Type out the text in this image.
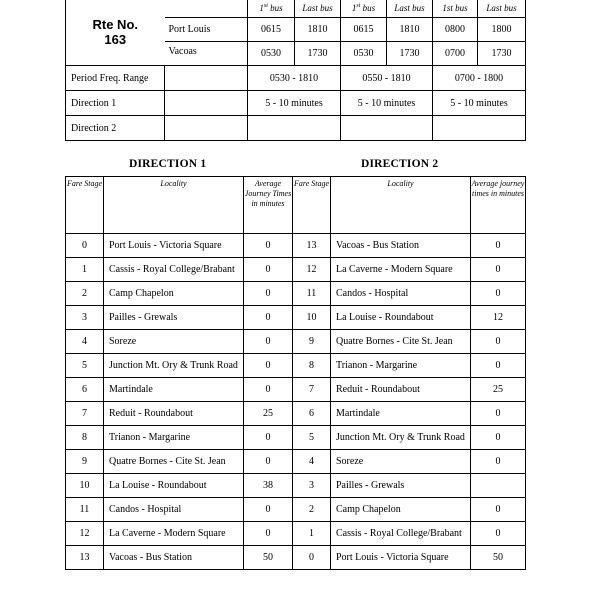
Rte No.
163		1st bus	Last bus	1st bus	Last bus	1st bus	Last bus
	Port Louis	0615	1810	0615	1810	0800	1800
	Vacoas	0530	1730	0530	1730	0700	1730
Period Freq. Range		0530 - 1810		0550 - 1810		0700 - 1800	
Direction 1		5 - 10 minutes		5 - 10 minutes		5 - 10 minutes	
Direction 2							
DIRECTION 1	DIRECTION 2
Fare Stage	Locality	Average Journey Times in minutes	Fare Stage	Locality	Average journey times in minutes
0	Port Louis - Victoria Square	0	13	Vacoas - Bus Station	0
1	Cassis - Royal College/Brabant	0	12	La Caverne - Modern Square	0
2	Camp Chapelon	0	11	Candos - Hospital	0
3	Pailles - Grewals	0	10	La Louise - Roundabout	12
4	Soreze	0	9	Quatre Bornes - Cite St. Jean	0
5	Junction Mt. Ory & Trunk Road	0	8	Trianon - Margarine	0
6	Martindale	0	7	Reduit - Roundabout	25
7	Reduit - Roundabout	25	6	Martindale	0
8	Trianon - Margarine	0	5	Junction Mt. Ory & Trunk Road	0
9	Quatre Bornes - Cite St. Jean	0	4	Soreze	0
10	La Louise - Roundabout	38	3	Pailles - Grewals	
11	Candos - Hospital	0	2	Camp Chapelon	0
12	La Caverne - Modern Square	0	1	Cassis - Royal College/Brabant	0
13	Vacoas - Bus Station	50	0	Port Louis - Victoria Square	50
